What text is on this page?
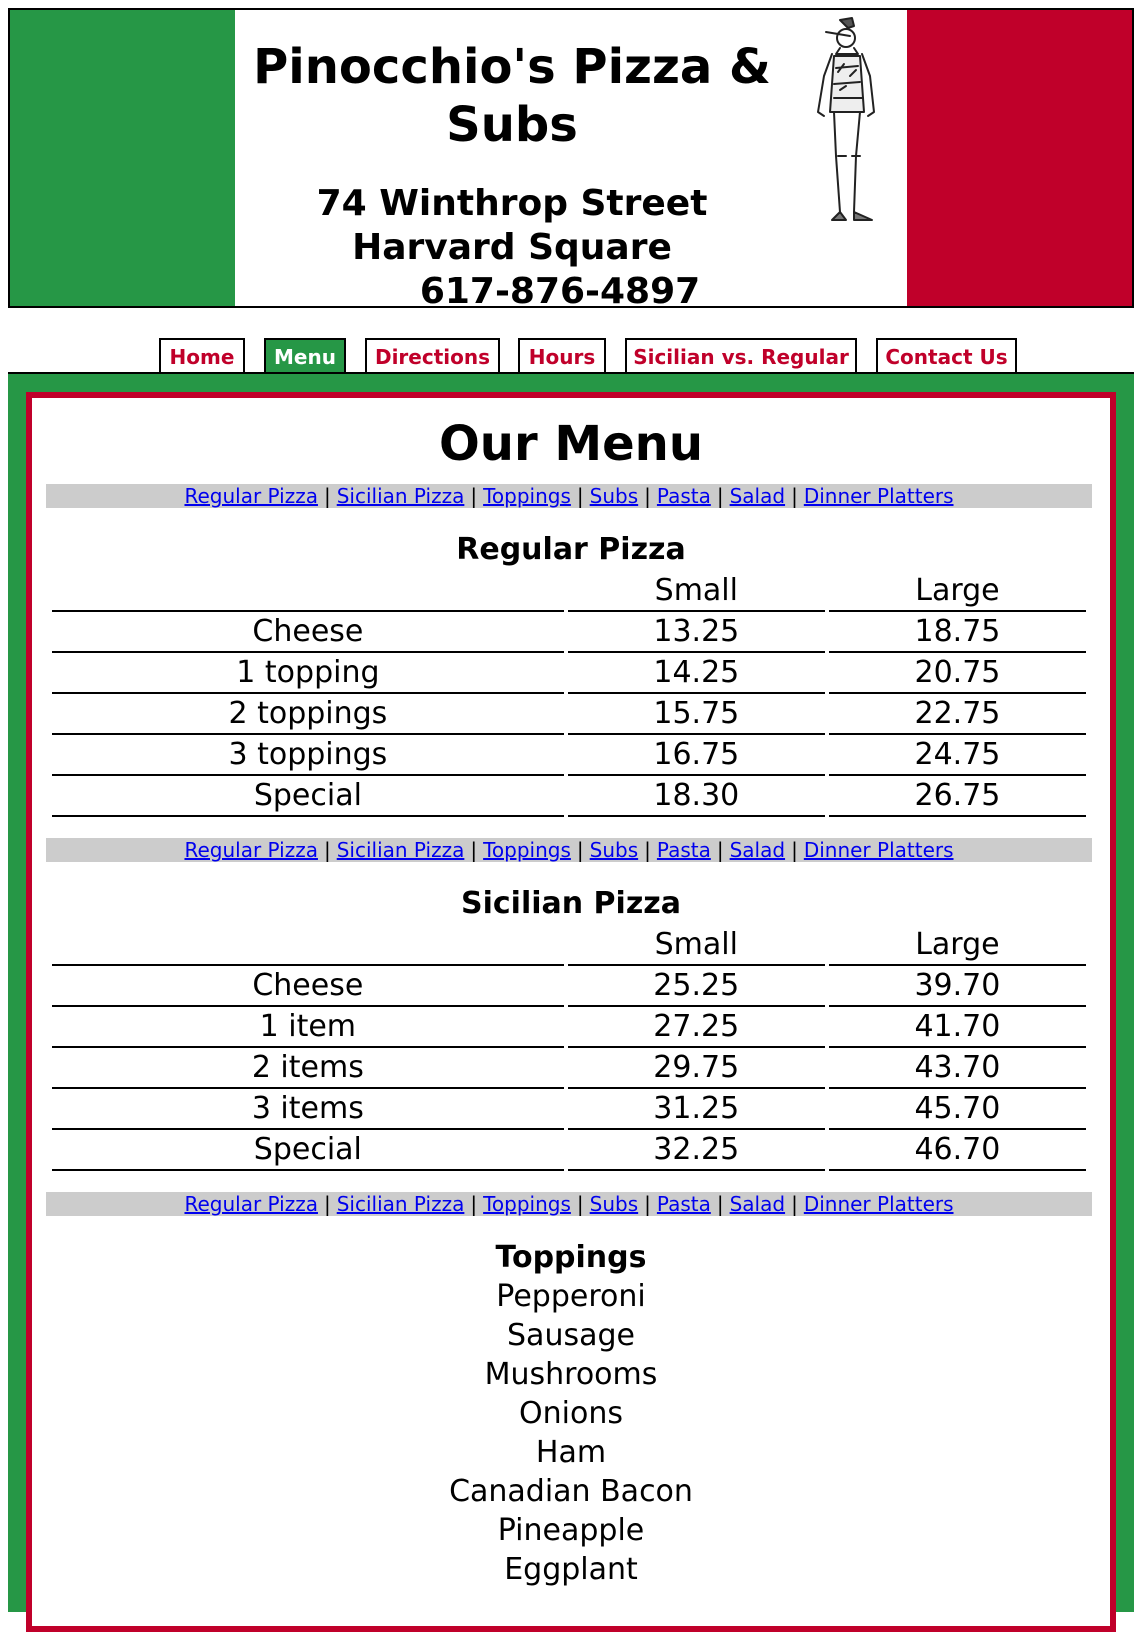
Pinocchio's Pizza & Subs
74 Winthrop Street
Harvard Square
617-876-4897
Home	Menu	Directions	Hours	Sicilian vs. Regular	Contact Us
Our Menu
Regular Pizza | Sicilian Pizza | Toppings | Subs | Pasta | Salad | Dinner Platters
Regular Pizza
	Small	Large
Cheese	13.25	18.75
1 topping	14.25	20.75
2 toppings	15.75	22.75
3 toppings	16.75	24.75
Special	18.30	26.75
Regular Pizza | Sicilian Pizza | Toppings | Subs | Pasta | Salad | Dinner Platters
Sicilian Pizza
	Small	Large
Cheese	25.25	39.70
1 item	27.25	41.70
2 items	29.75	43.70
3 items	31.25	45.70
Special	32.25	46.70
Regular Pizza | Sicilian Pizza | Toppings | Subs | Pasta | Salad | Dinner Platters
Toppings
Pepperoni
Sausage
Mushrooms
Onions
Ham
Canadian Bacon
Pineapple
Eggplant
